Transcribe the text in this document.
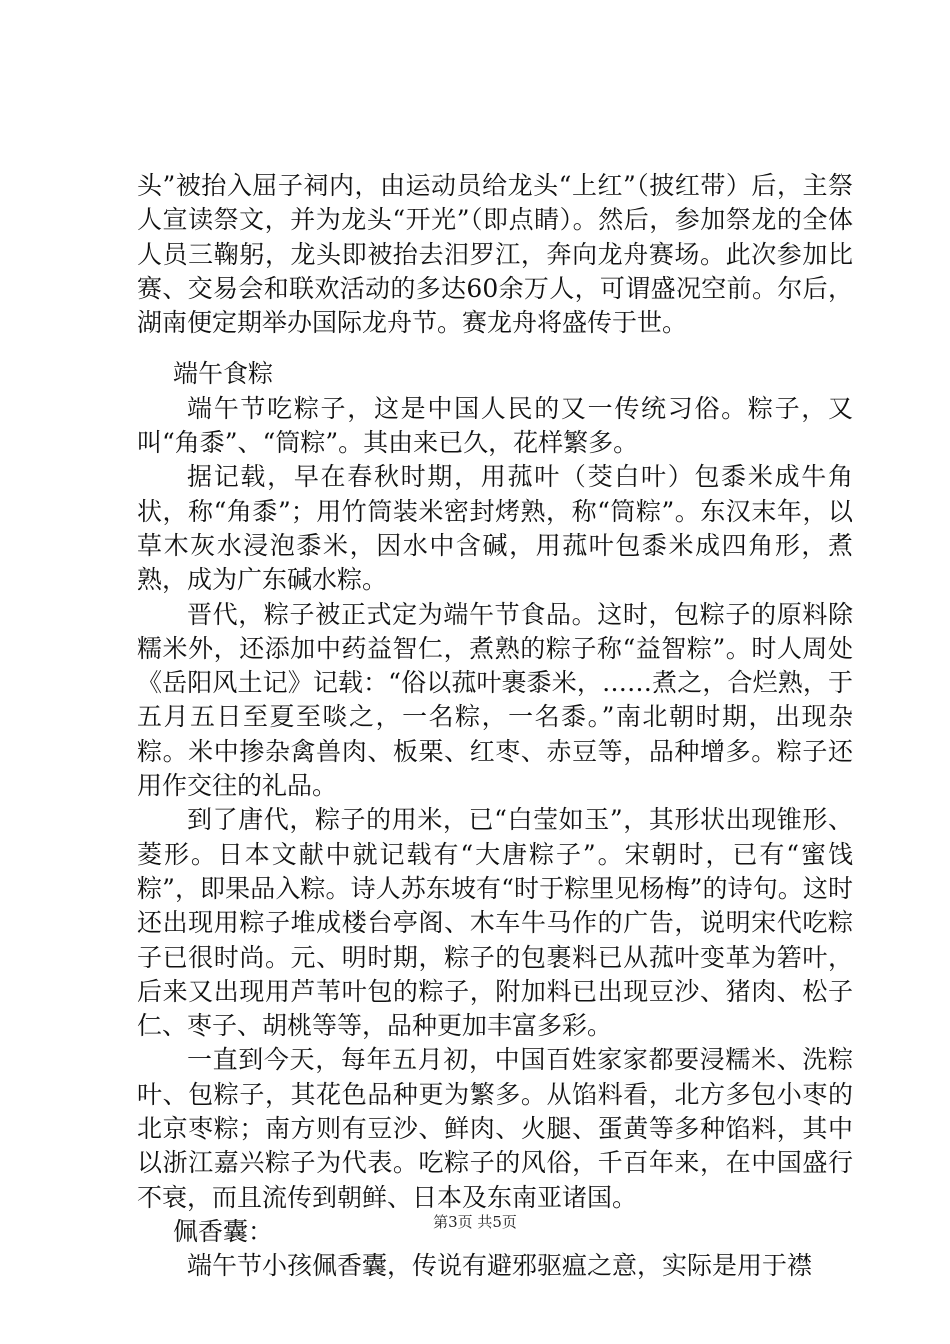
头”被抬入屈子祠内，由运动员给龙头“上红”（披红带）后，主祭人宣读祭文，并为龙头“开光”（即点睛）。然后，参加祭龙的全体人员三鞠躬，龙头即被抬去汨罗江，奔向龙舟赛场。此次参加比赛、交易会和联欢活动的多达60余万人，可谓盛况空前。尔后，湖南便定期举办国际龙舟节。赛龙舟将盛传于世。

端午食粽

端午节吃粽子，这是中国人民的又一传统习俗。粽子，又叫“角黍”、“筒粽”。其由来已久，花样繁多。

据记载，早在春秋时期，用菰叶（茭白叶）包黍米成牛角状，称“角黍”；用竹筒装米密封烤熟，称“筒粽”。东汉末年，以草木灰水浸泡黍米，因水中含碱，用菰叶包黍米成四角形，煮熟，成为广东碱水粽。

晋代，粽子被正式定为端午节食品。这时，包粽子的原料除糯米外，还添加中药益智仁，煮熟的粽子称“益智粽”。时人周处《岳阳风土记》记载：“俗以菰叶裹黍米，……煮之，合烂熟，于五月五日至夏至啖之，一名粽，一名黍。”南北朝时期，出现杂粽。米中掺杂禽兽肉、板栗、红枣、赤豆等，品种增多。粽子还用作交往的礼品。

到了唐代，粽子的用米，已“白莹如玉”，其形状出现锥形、菱形。日本文献中就记载有“大唐粽子”。宋朝时，已有“蜜饯粽”，即果品入粽。诗人苏东坡有“时于粽里见杨梅”的诗句。这时还出现用粽子堆成楼台亭阁、木车牛马作的广告，说明宋代吃粽子已很时尚。元、明时期，粽子的包裹料已从菰叶变革为箬叶，后来又出现用芦苇叶包的粽子，附加料已出现豆沙、猪肉、松子仁、枣子、胡桃等等，品种更加丰富多彩。

一直到今天，每年五月初，中国百姓家家都要浸糯米、洗粽叶、包粽子，其花色品种更为繁多。从馅料看，北方多包小枣的北京枣粽；南方则有豆沙、鲜肉、火腿、蛋黄等多种馅料，其中以浙江嘉兴粽子为代表。吃粽子的风俗，千百年来，在中国盛行不衰，而且流传到朝鲜、日本及东南亚诸国。

佩香囊：

端午节小孩佩香囊，传说有避邪驱瘟之意，实际是用于襟

第3页 共5页
